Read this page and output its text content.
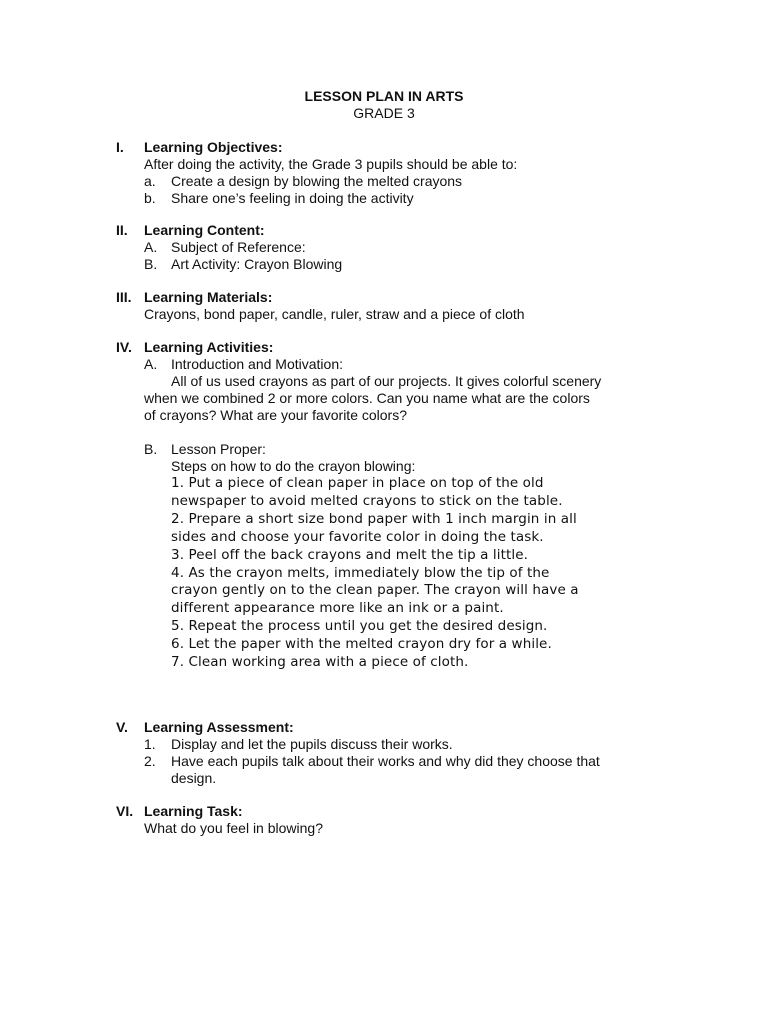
LESSON PLAN IN ARTS
GRADE 3
I.	Learning Objectives:
After doing the activity, the Grade 3 pupils should be able to:
a.	Create a design by blowing the melted crayons
b.	Share one’s feeling in doing the activity
II.	Learning Content:
A. Subject of Reference:
B. Art Activity: Crayon Blowing
III. Learning Materials:
Crayons, bond paper, candle, ruler, straw and a piece of cloth
IV. Learning Activities:
A. Introduction and Motivation:
All of us used crayons as part of our projects. It gives colorful scenery
when we combined 2 or more colors. Can you name what are the colors
of crayons? What are your favorite colors?
B. Lesson Proper:
Steps on how to do the crayon blowing:
1. Put a piece of clean paper in place on top of the old
newspaper to avoid melted crayons to stick on the table.
2. Prepare a short size bond paper with 1 inch margin in all
sides and choose your favorite color in doing the task.
3. Peel off the back crayons and melt the tip a little.
4. As the crayon melts, immediately blow the tip of the
crayon gently on to the clean paper. The crayon will have a
different appearance more like an ink or a paint.
5. Repeat the process until you get the desired design.
6. Let the paper with the melted crayon dry for a while.
7. Clean working area with a piece of cloth.
V.	Learning Assessment:
1.	Display and let the pupils discuss their works.
2.	Have each pupils talk about their works and why did they choose that design.
VI. Learning Task:
What do you feel in blowing?
